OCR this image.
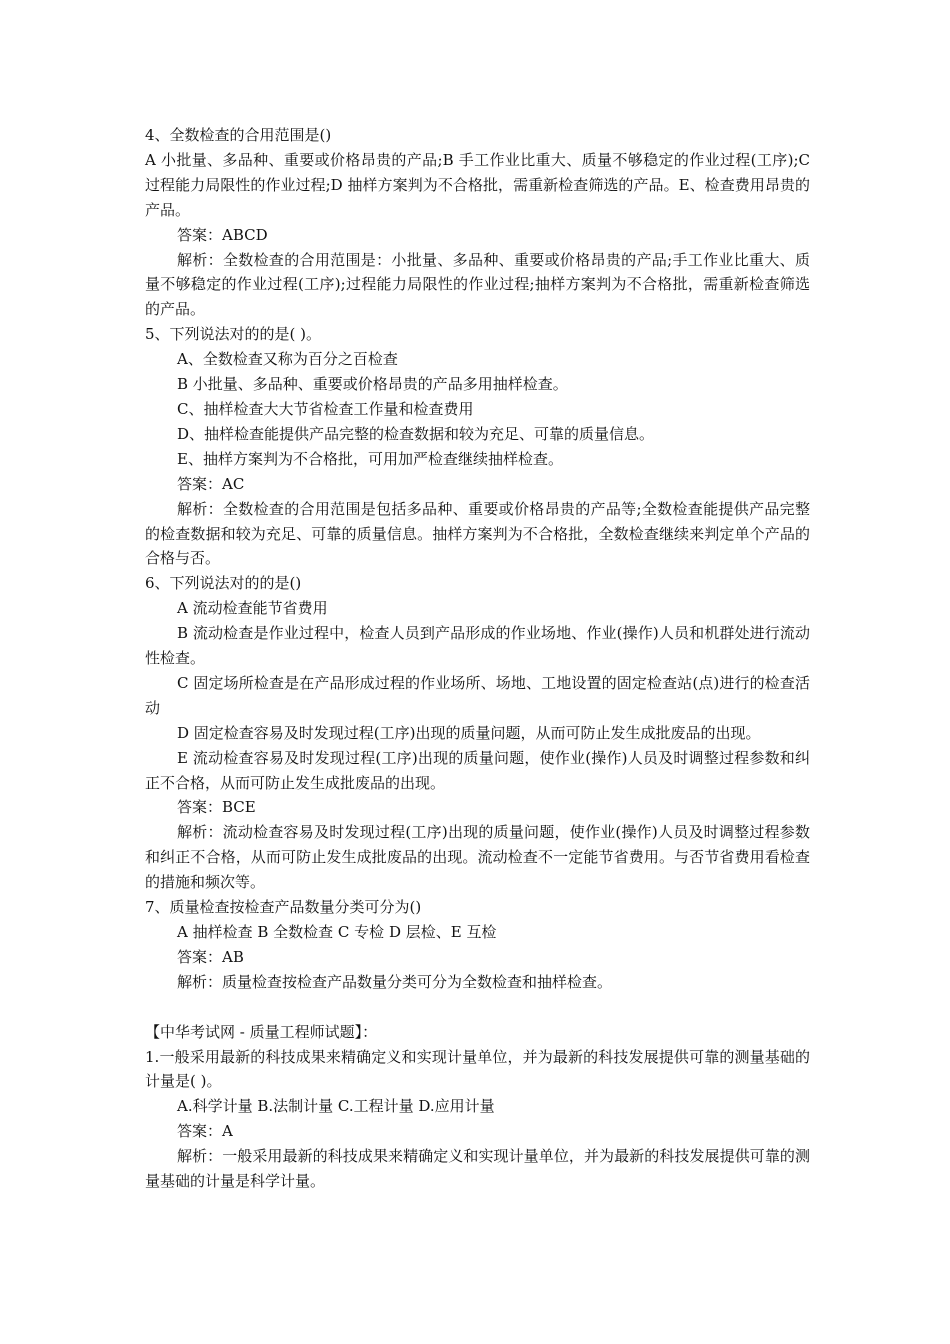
4、全数检查的合用范围是()

A 小批量、多品种、重要或价格昂贵的产品;B 手工作业比重大、质量不够稳定的作业过程(工序);C 过程能力局限性的作业过程;D 抽样方案判为不合格批，需重新检查筛选的产品。E、检查费用昂贵的产品。

答案：ABCD

解析：全数检查的合用范围是：小批量、多品种、重要或价格昂贵的产品;手工作业比重大、质量不够稳定的作业过程(工序);过程能力局限性的作业过程;抽样方案判为不合格批，需重新检查筛选的产品。

5、下列说法对的的是( )。

A、全数检查又称为百分之百检查

B 小批量、多品种、重要或价格昂贵的产品多用抽样检查。

C、抽样检查大大节省检查工作量和检查费用

D、抽样检查能提供产品完整的检查数据和较为充足、可靠的质量信息。

E、抽样方案判为不合格批，可用加严检查继续抽样检查。

答案：AC

解析：全数检查的合用范围是包括多品种、重要或价格昂贵的产品等;全数检查能提供产品完整的检查数据和较为充足、可靠的质量信息。抽样方案判为不合格批，全数检查继续来判定单个产品的合格与否。

6、下列说法对的的是()

A 流动检查能节省费用

B 流动检查是作业过程中，检查人员到产品形成的作业场地、作业(操作)人员和机群处进行流动性检查。

C 固定场所检查是在产品形成过程的作业场所、场地、工地设置的固定检查站(点)进行的检查活动

D 固定检查容易及时发现过程(工序)出现的质量问题，从而可防止发生成批废品的出现。

E 流动检查容易及时发现过程(工序)出现的质量问题，使作业(操作)人员及时调整过程参数和纠正不合格，从而可防止发生成批废品的出现。

答案：BCE

解析：流动检查容易及时发现过程(工序)出现的质量问题，使作业(操作)人员及时调整过程参数和纠正不合格，从而可防止发生成批废品的出现。流动检查不一定能节省费用。与否节省费用看检查的措施和频次等。

7、质量检查按检查产品数量分类可分为()

A 抽样检查 B 全数检查 C 专检 D 层检、E 互检

答案：AB

解析：质量检查按检查产品数量分类可分为全数检查和抽样检查。

【中华考试网 - 质量工程师试题】：

1.一般采用最新的科技成果来精确定义和实现计量单位，并为最新的科技发展提供可靠的测量基础的计量是( )。

A.科学计量 B.法制计量 C.工程计量 D.应用计量

答案：A

解析：一般采用最新的科技成果来精确定义和实现计量单位，并为最新的科技发展提供可靠的测量基础的计量是科学计量。
